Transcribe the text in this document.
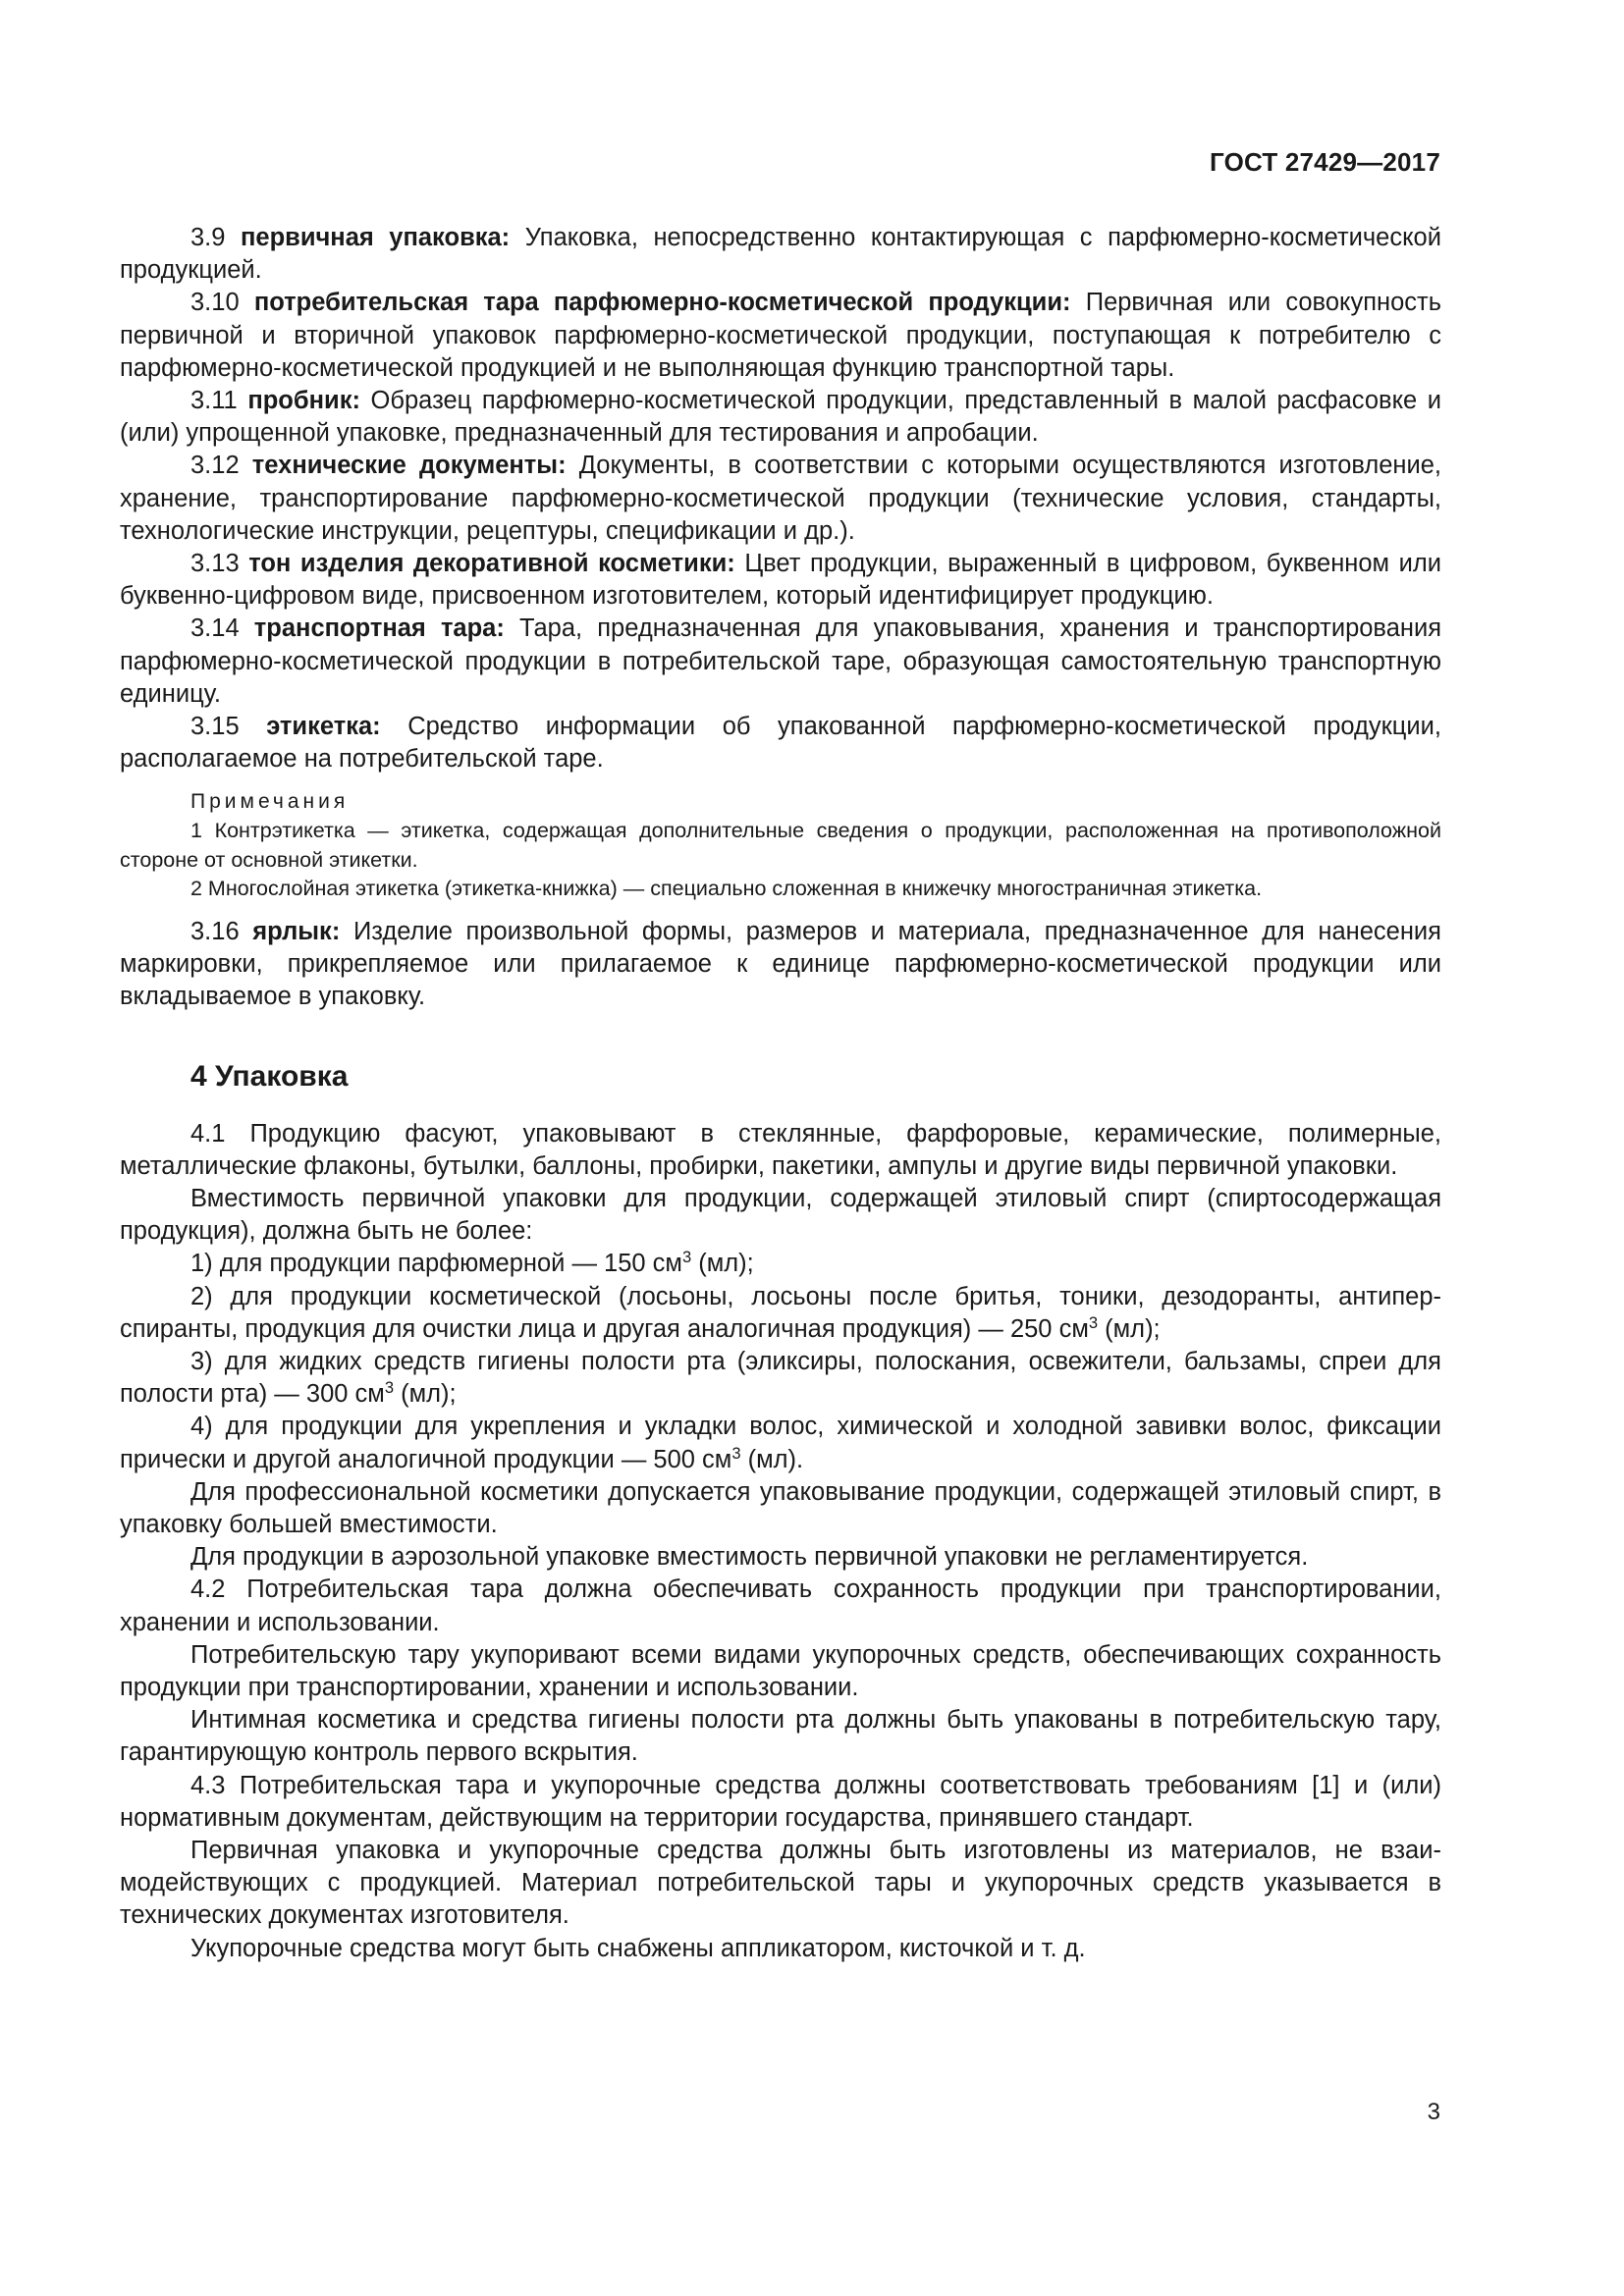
ГОСТ 27429—2017

3.9 первичная упаковка: Упаковка, непосредственно контактирующая с парфюмерно-косметической продукцией.

3.10 потребительская тара парфюмерно-косметической продукции: Первичная или совокупность первичной и вторичной упаковок парфюмерно-косметической продукции, поступающая к потребителю с парфюмерно-косметической продукцией и не выполняющая функцию транспортной тары.

3.11 пробник: Образец парфюмерно-косметической продукции, представленный в малой расфасовке и (или) упрощенной упаковке, предназначенный для тестирования и апробации.

3.12 технические документы: Документы, в соответствии с которыми осуществляются изготовление, хранение, транспортирование парфюмерно-косметической продукции (технические условия, стандарты, технологические инструкции, рецептуры, спецификации и др.).

3.13 тон изделия декоративной косметики: Цвет продукции, выраженный в цифровом, буквенном или буквенно-цифровом виде, присвоенном изготовителем, который идентифицирует продукцию.

3.14 транспортная тара: Тара, предназначенная для упаковывания, хранения и транспортирования парфюмерно-косметической продукции в потребительской таре, образующая самостоятельную транспортную единицу.

3.15 этикетка: Средство информации об упакованной парфюмерно-косметической продукции, располагаемое на потребительской таре.

Примечания

1 Контрэтикетка — этикетка, содержащая дополнительные сведения о продукции, расположенная на противоположной стороне от основной этикетки.

2 Многослойная этикетка (этикетка-книжка) — специально сложенная в книжечку многостраничная этикетка.

3.16 ярлык: Изделие произвольной формы, размеров и материала, предназначенное для нанесения маркировки, прикрепляемое или прилагаемое к единице парфюмерно-косметической продукции или вкладываемое в упаковку.

4 Упаковка

4.1 Продукцию фасуют, упаковывают в стеклянные, фарфоровые, керамические, полимерные, металлические флаконы, бутылки, баллоны, пробирки, пакетики, ампулы и другие виды первичной упаковки.

Вместимость первичной упаковки для продукции, содержащей этиловый спирт (спиртосодержащая продукция), должна быть не более:

1) для продукции парфюмерной — 150 $см^3$ (мл);

2) для продукции косметической (лосьоны, лосьоны после бритья, тоники, дезодоранты, антиперспиранты, продукция для очистки лица и другая аналогичная продукция) — 250 $см^3$ (мл);

3) для жидких средств гигиены полости рта (эликсиры, полоскания, освежители, бальзамы, спреи для полости рта) — 300 $см^3$ (мл);

4) для продукции для укрепления и укладки волос, химической и холодной завивки волос, фиксации прически и другой аналогичной продукции — 500 $см^3$ (мл).

Для профессиональной косметики допускается упаковывание продукции, содержащей этиловый спирт, в упаковку большей вместимости.

Для продукции в аэрозольной упаковке вместимость первичной упаковки не регламентируется.

4.2 Потребительская тара должна обеспечивать сохранность продукции при транспортировании, хранении и использовании.

Потребительскую тару укупоривают всеми видами укупорочных средств, обеспечивающих сохранность продукции при транспортировании, хранении и использовании.

Интимная косметика и средства гигиены полости рта должны быть упакованы в потребительскую тару, гарантирующую контроль первого вскрытия.

4.3 Потребительская тара и укупорочные средства должны соответствовать требованиям [1] и (или) нормативным документам, действующим на территории государства, принявшего стандарт.

Первичная упаковка и укупорочные средства должны быть изготовлены из материалов, не взаимодействующих с продукцией. Материал потребительской тары и укупорочных средств указывается в технических документах изготовителя.

Укупорочные средства могут быть снабжены аппликатором, кисточкой и т. д.

3
